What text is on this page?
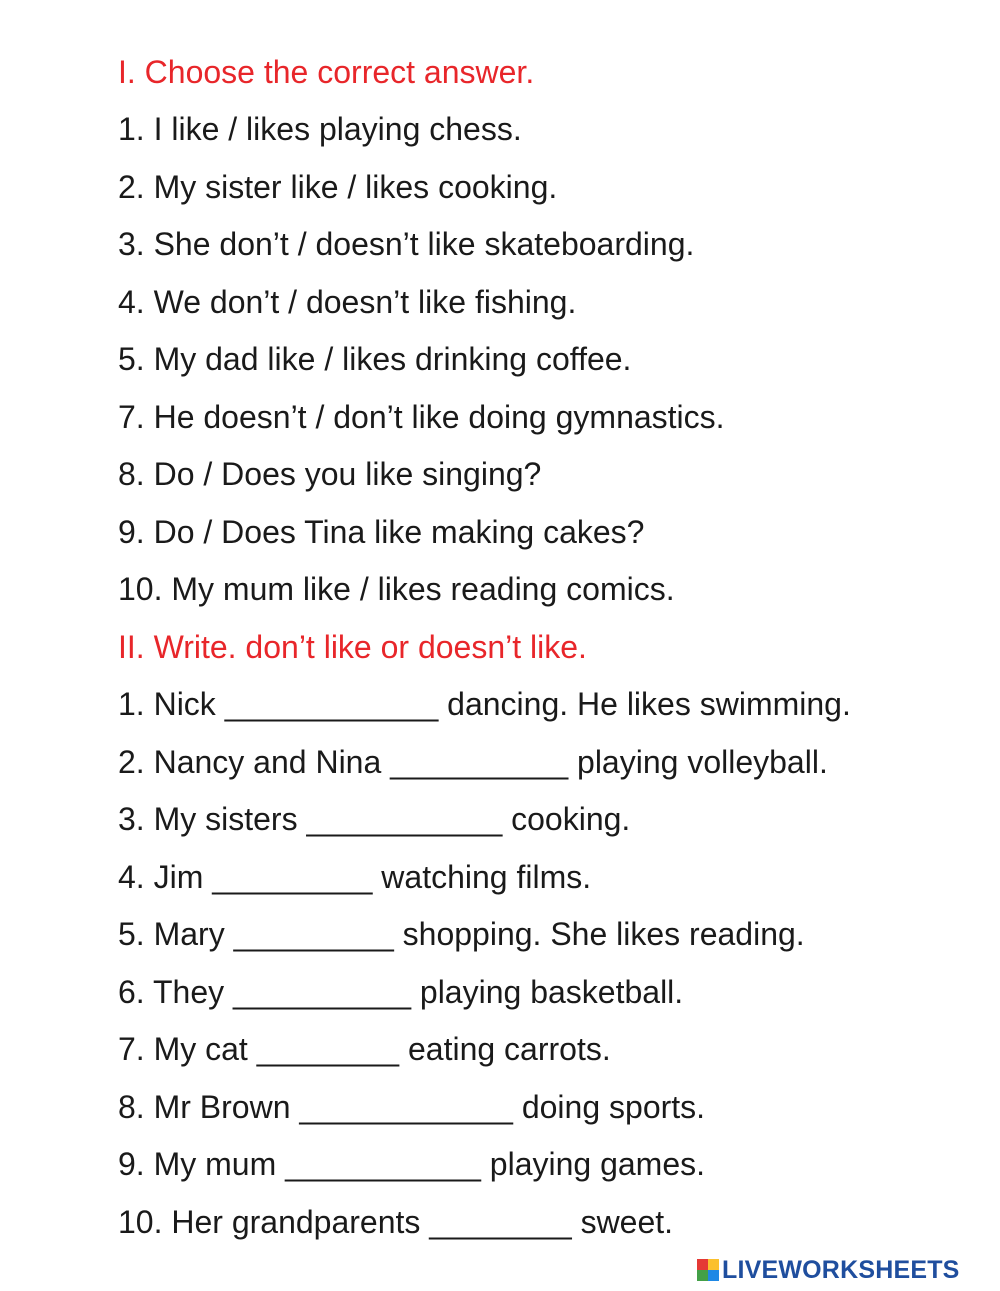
I. Choose the correct answer.
1. I like / likes playing chess.
2. My sister like / likes cooking.
3. She don’t / doesn’t like skateboarding.
4. We don’t / doesn’t like fishing.
5. My dad like / likes drinking coffee.
7. He doesn’t / don’t like doing gymnastics.
8. Do / Does you like singing?
9. Do / Does Tina like making cakes?
10. My mum like / likes reading comics.
II. Write. don’t like or doesn’t like.
1. Nick ____________ dancing. He likes swimming.
2. Nancy and Nina __________ playing volleyball.
3. My sisters ___________ cooking.
4. Jim _________ watching films.
5. Mary _________ shopping. She likes reading.
6. They __________ playing basketball.
7. My cat ________ eating carrots.
8. Mr Brown ____________ doing sports.
9. My mum ___________ playing games.
10. Her grandparents ________ sweet.
LIVEWORKSHEETS
